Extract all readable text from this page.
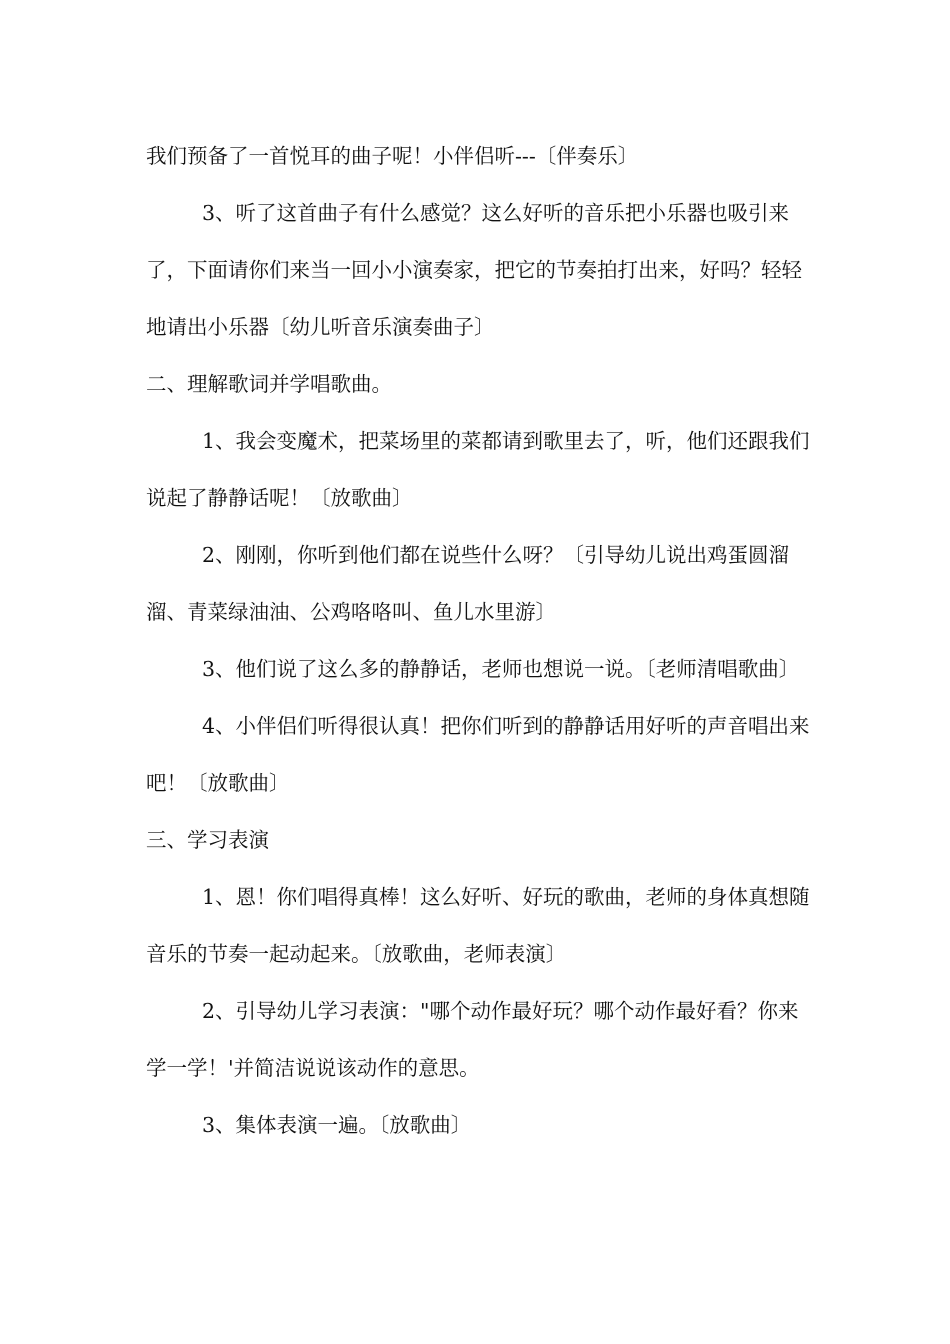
我们预备了一首悦耳的曲子呢！小伴侣听---〔伴奏乐〕

3、听了这首曲子有什么感觉？这么好听的音乐把小乐器也吸引来了，下面请你们来当一回小小演奏家，把它的节奏拍打出来，好吗？轻轻地请出小乐器〔幼儿听音乐演奏曲子〕

二、理解歌词并学唱歌曲。

1、我会变魔术，把菜场里的菜都请到歌里去了，听，他们还跟我们说起了静静话呢！〔放歌曲〕

2、刚刚，你听到他们都在说些什么呀？〔引导幼儿说出鸡蛋圆溜溜、青菜绿油油、公鸡咯咯叫、鱼儿水里游〕

3、他们说了这么多的静静话，老师也想说一说。〔老师清唱歌曲〕

4、小伴侣们听得很认真！把你们听到的静静话用好听的声音唱出来吧！〔放歌曲〕

三、学习表演

1、恩！你们唱得真棒！这么好听、好玩的歌曲，老师的身体真想随音乐的节奏一起动起来。〔放歌曲，老师表演〕

2、引导幼儿学习表演："哪个动作最好玩？哪个动作最好看？你来学一学！'并简洁说说该动作的意思。

3、集体表演一遍。〔放歌曲〕
